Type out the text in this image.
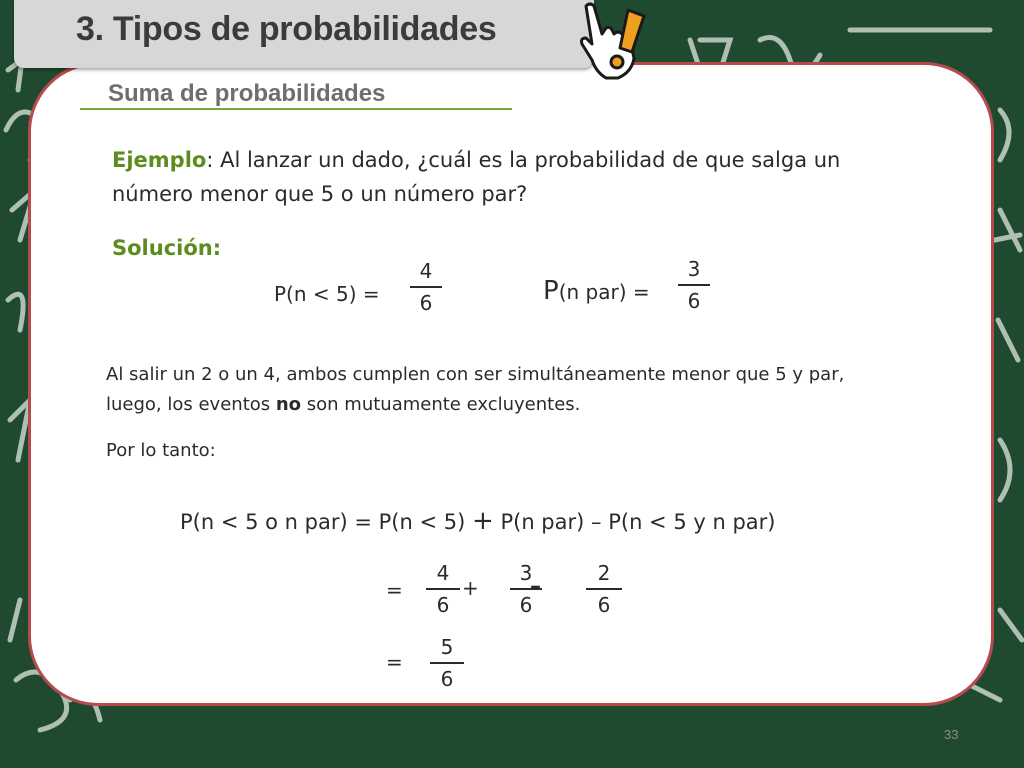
3. Tipos de probabilidades
Suma de probabilidades
Ejemplo: Al lanzar un dado, ¿cuál es la probabilidad de que salga un
número menor que 5 o un número par?
Solución:
P(n < 5) =
4
6	P(n par) =
3
6
Al salir un 2 o un 4, ambos cumplen con ser simultáneamente menor que 5 y par,
luego, los eventos no son mutuamente excluyentes.
Por lo tanto:
P(n < 5 o n par) = P(n < 5) + P(n par) – P(n < 5 y n par)
=
4
6
+
3
6
–
2
6
=
5
6
33
